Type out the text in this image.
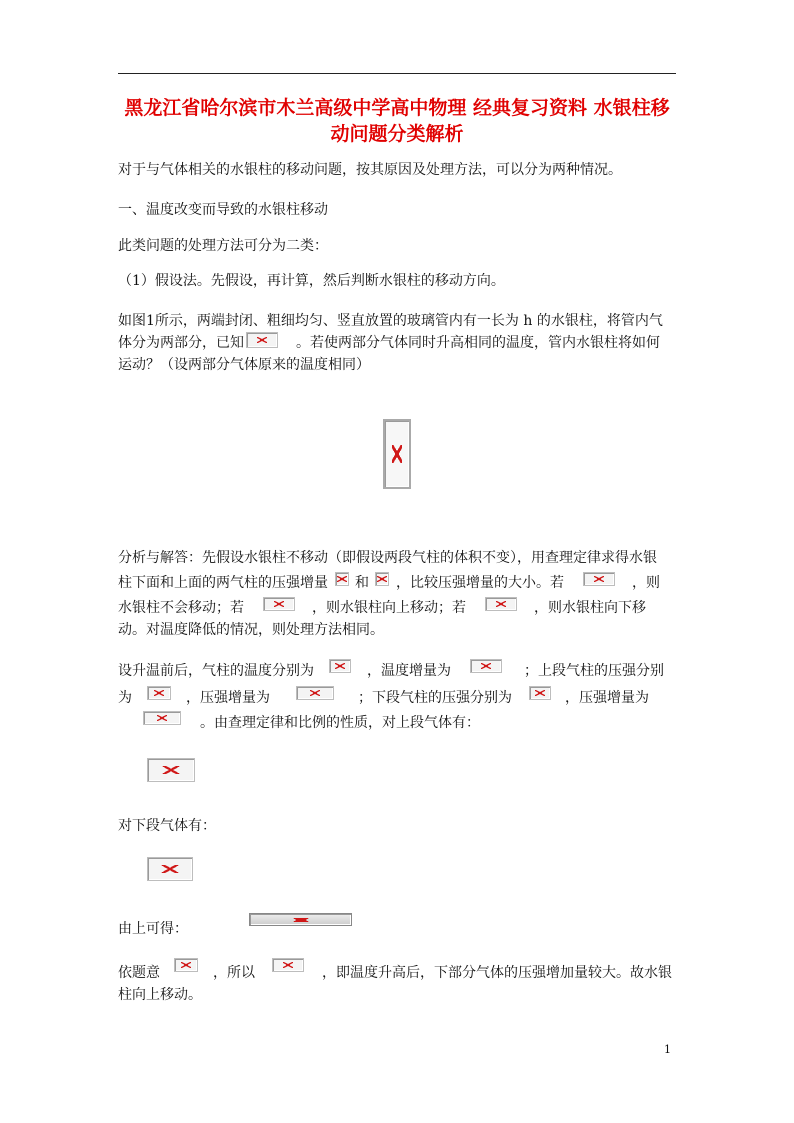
黑龙江省哈尔滨市木兰高级中学高中物理 经典复习资料 水银柱移
动问题分类解析
对于与气体相关的水银柱的移动问题，按其原因及处理方法，可以分为两种情况。
一、温度改变而导致的水银柱移动
此类问题的处理方法可分为二类：
（1）假设法。先假设，再计算，然后判断水银柱的移动方向。
如图1所示，两端封闭、粗细均匀、竖直放置的玻璃管内有一长为 h 的水银柱，将管内气
体分为两部分，已知	。若使两部分气体同时升高相同的温度，管内水银柱将如何
运动？（设两部分气体原来的温度相同）
分析与解答：先假设水银柱不移动（即假设两段气柱的体积不变），用查理定律求得水银
柱下面和上面的两气柱的压强增量 和 ，比较压强增量的大小。若	，则
水银柱不会移动；若	，则水银柱向上移动；若	，则水银柱向下移
动。对温度降低的情况，则处理方法相同。
设升温前后，气柱的温度分别为	，温度增量为	；上段气柱的压强分别
为	，压强增量为	；下段气柱的压强分别为	，压强增量为
。由查理定律和比例的性质，对上段气体有：
对下段气体有：
由上可得：
依题意	，所以	，即温度升高后，下部分气体的压强增加量较大。故水银
柱向上移动。
1
